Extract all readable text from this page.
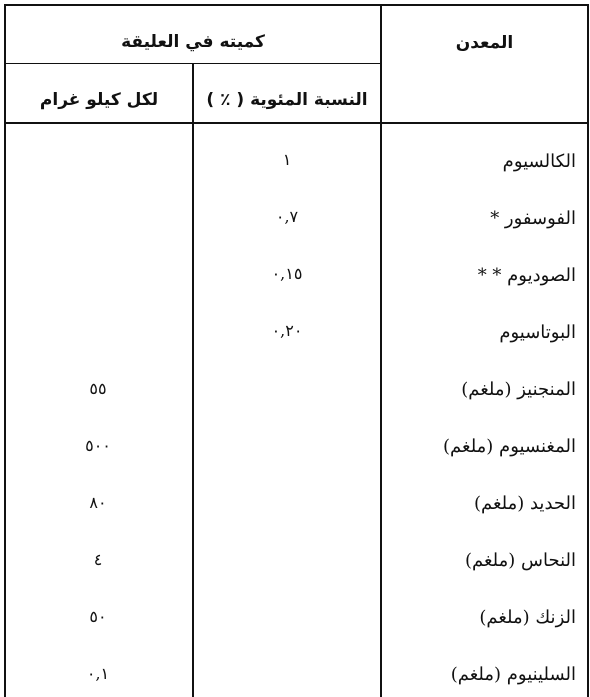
المعدن
كميته في العليقة
النسبة المئوية ( ٪ )
لكل كيلو غرام
الكالسيوم
١
الفوسفور *
٠,٧
الصوديوم * *
٠,١٥
البوتاسيوم
٠,٢٠
المنجنيز (ملغم)
٥٥
المغنسيوم (ملغم)
٥٠٠
الحديد (ملغم)
٨٠
النحاس (ملغم)
٤
الزنك (ملغم)
٥٠
السلينيوم (ملغم)
٠,١
